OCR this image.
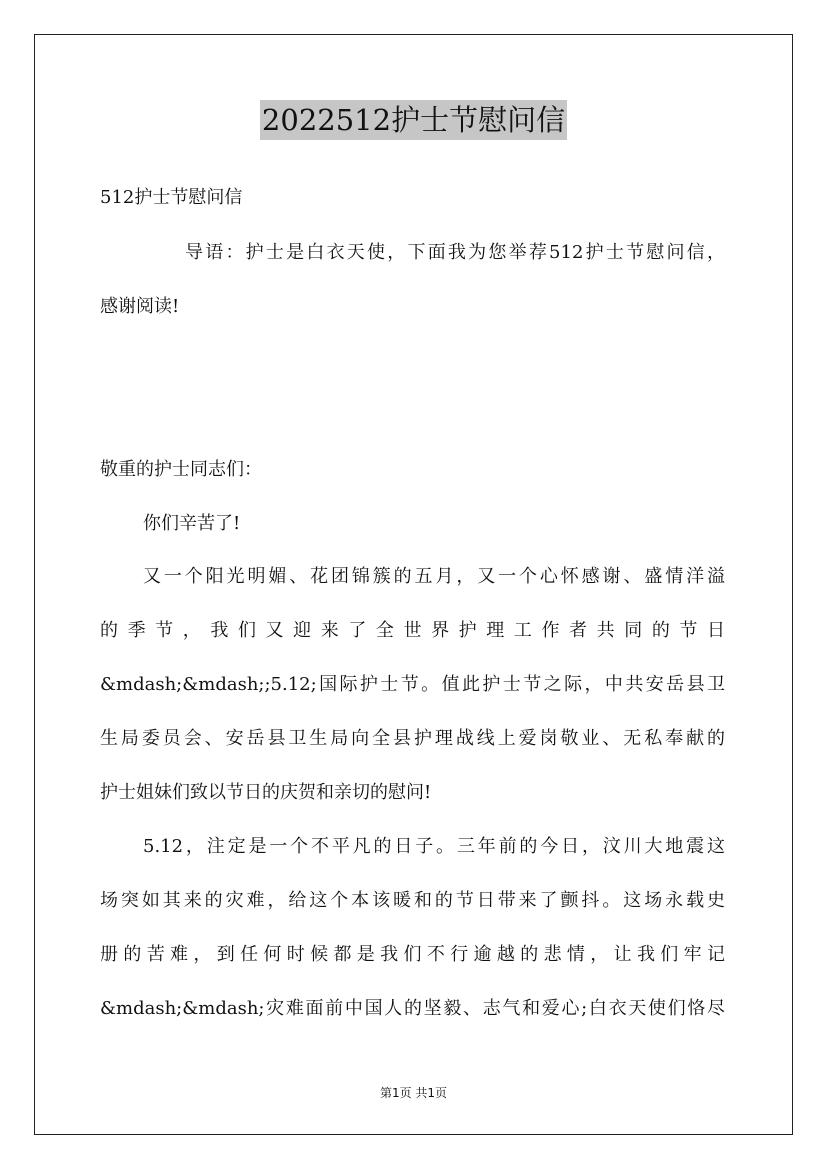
2022512护士节慰问信
512护士节慰问信
导语：护士是白衣天使，下面我为您举荐512护士节慰问信，
感谢阅读!
敬重的护士同志们：
你们辛苦了!
又一个阳光明媚、花团锦簇的五月，又一个心怀感谢、盛情洋溢
的季节，我们又迎来了全世界护理工作者共同的节日
&mdash;&mdash;;5.12;国际护士节。值此护士节之际，中共安岳县卫
生局委员会、安岳县卫生局向全县护理战线上爱岗敬业、无私奉献的
护士姐妹们致以节日的庆贺和亲切的慰问!
5.12，注定是一个不平凡的日子。三年前的今日，汶川大地震这
场突如其来的灾难，给这个本该暖和的节日带来了颤抖。这场永载史
册的苦难，到任何时候都是我们不行逾越的悲情，让我们牢记
&mdash;&mdash;灾难面前中国人的坚毅、志气和爱心;白衣天使们恪尽
第1页 共1页
